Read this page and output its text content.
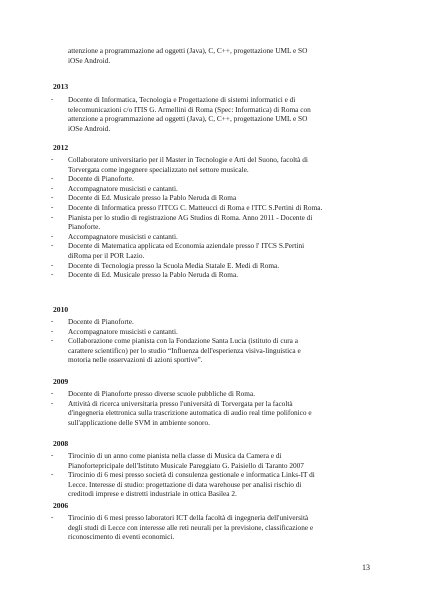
attenzione a programmazione ad oggetti (Java), C, C++, progettazione UML e SO
iOSe Android.
2013
- Docente di Informatica, Tecnologia e Progettazione di sistemi informatici e di
telecomunicazioni c/o ITIS G. Armellini di Roma (Spec: Informatica) di Roma con
attenzione a programmazione ad oggetti (Java), C, C++, progettazione UML e SO
iOSe Android.
2012
- Collaboratore universitario per il Master in Tecnologie e Arti del Suono, facoltà di
Torvergata come ingegnere specializzato nel settore musicale.
- Docente di Pianoforte.
- Accompagnatore musicisti e cantanti.
- Docente di Ed. Musicale presso la Pablo Neruda di Roma
- Docente di Informatica presso l'ITCG C. Matteucci di Roma e l'ITC S.Pertini di Roma.
- Pianista per lo studio di registrazione AG Studios di Roma. Anno 2011 - Docente di
Pianoforte.
- Accompagnatore musicisti e cantanti.
- Docente di Matematica applicata ed Economia aziendale presso l' ITCS S.Pertini
diRoma per il POR Lazio.
- Docente di Tecnologia presso la Scuola Media Statale E. Medi di Roma.
- Docente di Ed. Musicale presso la Pablo Neruda di Roma.
2010
- Docente di Pianoforte.
- Accompagnatore musicisti e cantanti.
- Collaborazione come pianista con la Fondazione Santa Lucia (istituto di cura a
carattere scientifico) per lo studio “Influenza dell'esperienza visiva-linguistica e
motoria nelle osservazioni di azioni sportive”.
2009
- Docente di Pianoforte presso diverse scuole pubbliche di Roma.
- Attività di ricerca universitaria presso l'università di Torvergata per la facoltà
d'ingegneria elettronica sulla trascrizione automatica di audio real time polifonico e
sull'applicazione delle SVM in ambiente sonoro.
2008
- Tirocinio di un anno come pianista nella classe di Musica da Camera e di
Pianofortepricipale dell'Istituto Musicale Pareggiato G. Paisiello di Taranto 2007
- Tirocinio di 6 mesi presso società di consulenza gestionale e informatica Links-IT di
Lecce. Interesse di studio: progettazione di data warehouse per analisi rischio di
creditodi imprese e distretti industriale in ottica Basilea 2.
2006
- Tirocinio di 6 mesi presso laboratori ICT della facoltà di ingegneria dell'università
degli studi di Lecce con interesse alle reti neurali per la previsione, classificazione e
riconoscimento di eventi economici.
13
